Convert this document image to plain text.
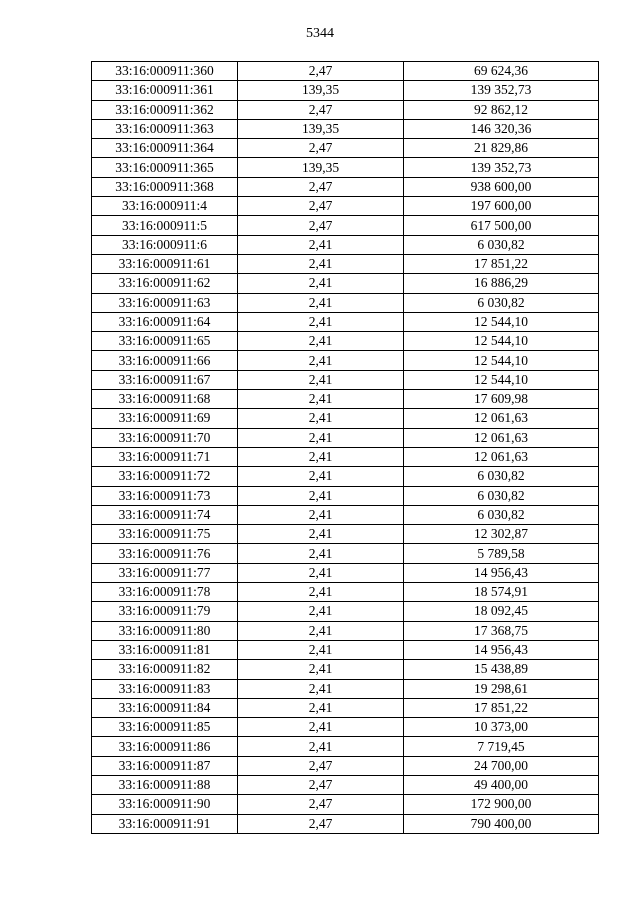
5344
33:16:000911:360	2,47	69 624,36
33:16:000911:361	139,35	139 352,73
33:16:000911:362	2,47	92 862,12
33:16:000911:363	139,35	146 320,36
33:16:000911:364	2,47	21 829,86
33:16:000911:365	139,35	139 352,73
33:16:000911:368	2,47	938 600,00
33:16:000911:4	2,47	197 600,00
33:16:000911:5	2,47	617 500,00
33:16:000911:6	2,41	6 030,82
33:16:000911:61	2,41	17 851,22
33:16:000911:62	2,41	16 886,29
33:16:000911:63	2,41	6 030,82
33:16:000911:64	2,41	12 544,10
33:16:000911:65	2,41	12 544,10
33:16:000911:66	2,41	12 544,10
33:16:000911:67	2,41	12 544,10
33:16:000911:68	2,41	17 609,98
33:16:000911:69	2,41	12 061,63
33:16:000911:70	2,41	12 061,63
33:16:000911:71	2,41	12 061,63
33:16:000911:72	2,41	6 030,82
33:16:000911:73	2,41	6 030,82
33:16:000911:74	2,41	6 030,82
33:16:000911:75	2,41	12 302,87
33:16:000911:76	2,41	5 789,58
33:16:000911:77	2,41	14 956,43
33:16:000911:78	2,41	18 574,91
33:16:000911:79	2,41	18 092,45
33:16:000911:80	2,41	17 368,75
33:16:000911:81	2,41	14 956,43
33:16:000911:82	2,41	15 438,89
33:16:000911:83	2,41	19 298,61
33:16:000911:84	2,41	17 851,22
33:16:000911:85	2,41	10 373,00
33:16:000911:86	2,41	7 719,45
33:16:000911:87	2,47	24 700,00
33:16:000911:88	2,47	49 400,00
33:16:000911:90	2,47	172 900,00
33:16:000911:91	2,47	790 400,00
